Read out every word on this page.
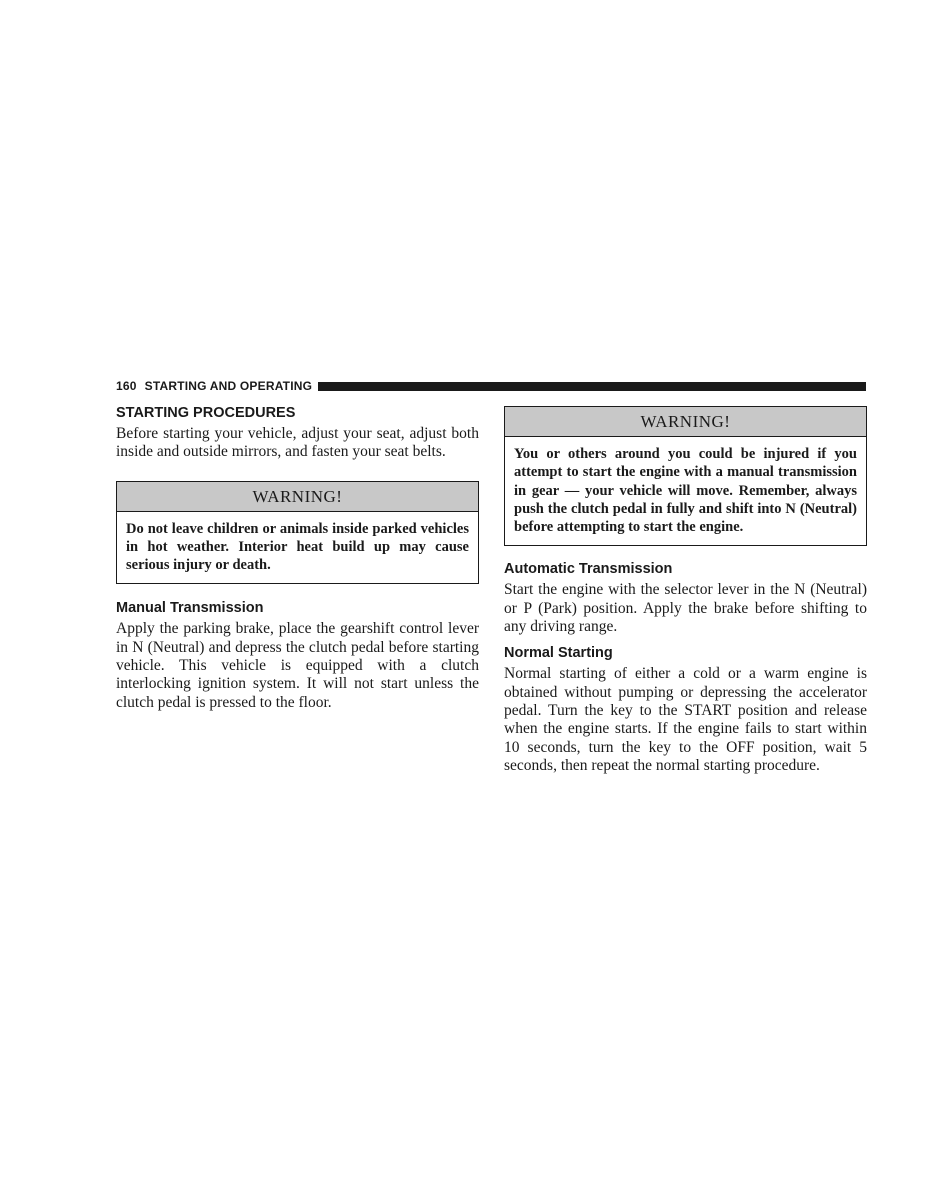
160 STARTING AND OPERATING
STARTING PROCEDURES

Before starting your vehicle, adjust your seat, adjust both inside and outside mirrors, and fasten your seat belts.

WARNING!

Do not leave children or animals inside parked vehicles in hot weather. Interior heat build up may cause serious injury or death.

Manual Transmission

Apply the parking brake, place the gearshift control lever in N (Neutral) and depress the clutch pedal before starting vehicle. This vehicle is equipped with a clutch interlocking ignition system. It will not start unless the clutch pedal is pressed to the floor.

WARNING!

You or others around you could be injured if you attempt to start the engine with a manual transmission in gear — your vehicle will move. Remember, always push the clutch pedal in fully and shift into N (Neutral) before attempting to start the engine.

Automatic Transmission

Start the engine with the selector lever in the N (Neutral) or P (Park) position. Apply the brake before shifting to any driving range.

Normal Starting

Normal starting of either a cold or a warm engine is obtained without pumping or depressing the accelerator pedal. Turn the key to the START position and release when the engine starts. If the engine fails to start within 10 seconds, turn the key to the OFF position, wait 5 seconds, then repeat the normal starting procedure.
